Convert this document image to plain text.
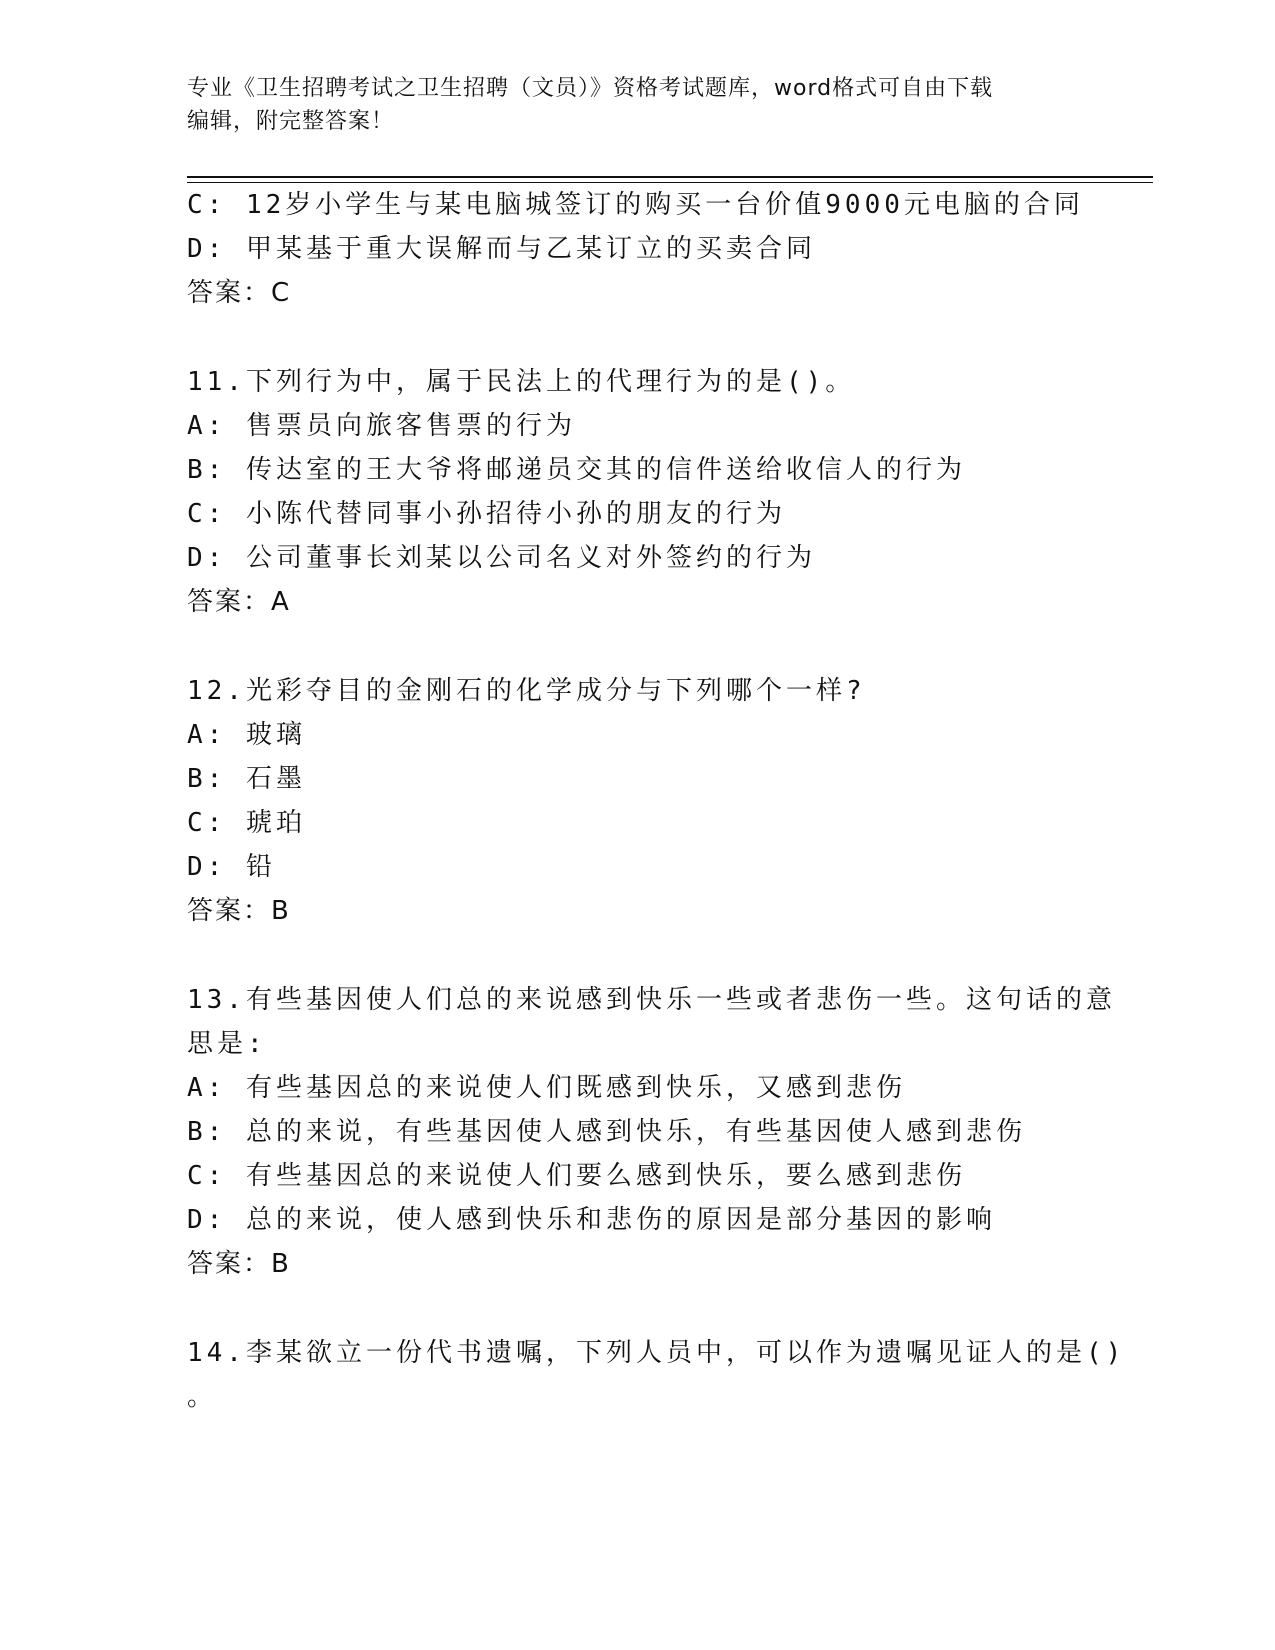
专业《卫生招聘考试之卫生招聘（文员）》资格考试题库，word格式可自由下载
编辑，附完整答案！
C: 12岁小学生与某电脑城签订的购买一台价值9000元电脑的合同
D: 甲某基于重大误解而与乙某订立的买卖合同
答案：C
11.下列行为中，属于民法上的代理行为的是()。
A: 售票员向旅客售票的行为
B: 传达室的王大爷将邮递员交其的信件送给收信人的行为
C: 小陈代替同事小孙招待小孙的朋友的行为
D: 公司董事长刘某以公司名义对外签约的行为
答案：A
12.光彩夺目的金刚石的化学成分与下列哪个一样?
A: 玻璃
B: 石墨
C: 琥珀
D: 铅
答案：B
13.有些基因使人们总的来说感到快乐一些或者悲伤一些。这句话的意
思是:
A: 有些基因总的来说使人们既感到快乐，又感到悲伤
B: 总的来说，有些基因使人感到快乐，有些基因使人感到悲伤
C: 有些基因总的来说使人们要么感到快乐，要么感到悲伤
D: 总的来说，使人感到快乐和悲伤的原因是部分基因的影响
答案：B
14.李某欲立一份代书遗嘱，下列人员中，可以作为遗嘱见证人的是()
。
